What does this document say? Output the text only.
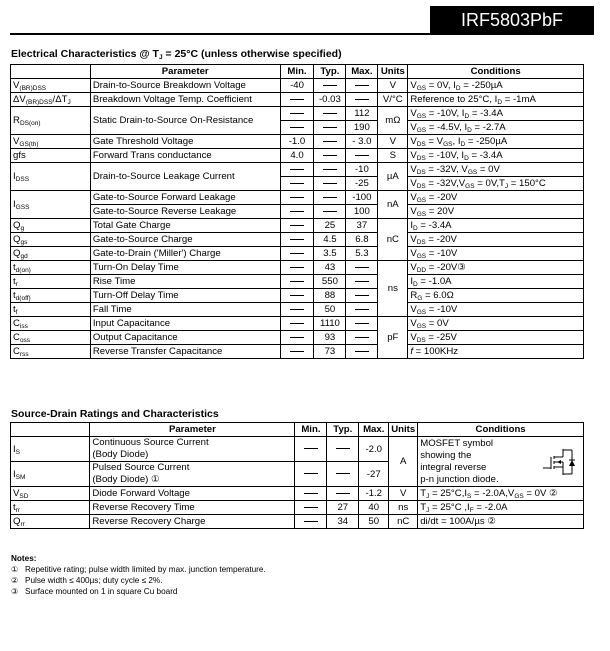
IRF5803PbF
Electrical Characteristics @ $T_J = 25^\circ C$ (unless otherwise specified)
	Parameter	Min.	Typ.	Max.	Units	Conditions
$V_{(BR)DSS}$	Drain-to-Source Breakdown Voltage	-40			V	$V_{GS} = 0V$, $I_D = -250\mu A$
$\Delta V_{(BR)DSS}/\Delta T_J$	Breakdown Voltage Temp. Coefficient		-0.03		V/°C	Reference to 25°C, $I_D = -1mA$
$R_{DS(on)}$	Static Drain-to-Source On-Resistance			112	mΩ	$V_{GS} = -10V$, $I_D = -3.4A$
				190		$V_{GS} = -4.5V$, $I_D = -2.7A$
$V_{GS(th)}$	Gate Threshold Voltage	-1.0		- 3.0	V	$V_{DS} = V_{GS}$, $I_D = -250\mu A$
gfs	Forward Trans conductance	4.0			S	$V_{DS} = -10V$, $I_D = -3.4A$
$I_{DSS}$	Drain-to-Source Leakage Current			-10	µA	$V_{DS} = -32V$, $V_{GS} = 0V$
				-25		$V_{DS} = -32V,V_{GS} = 0V,T_J = 150^\circ C$
$I_{GSS}$	Gate-to-Source Forward Leakage			-100	nA	$V_{GS} = -20V$
	Gate-to-Source Reverse Leakage			100		$V_{GS} = 20V$
$Q_g$	Total Gate Charge		25	37	nC	$I_D = -3.4A$
$Q_{gs}$	Gate-to-Source Charge		4.5	6.8		$V_{DS} = -20V$
$Q_{gd}$	Gate-to-Drain ('Miller') Charge		3.5	5.3		$V_{GS} = -10V$
$t_{d(on)}$	Turn-On Delay Time		43		ns	$V_{DD}$ = -20V③
$t_r$	Rise Time		550			$I_D = -1.0A$
$t_{d(off)}$	Turn-Off Delay Time		88			$R_G = 6.0\Omega$
$t_f$	Fall Time		50			$V_{GS} = -10V$
$C_{iss}$	Input Capacitance		1110		pF	$V_{GS} = 0V$
$C_{oss}$	Output Capacitance		93			$V_{DS} = -25V$
$C_{rss}$	Reverse Transfer Capacitance		73			f = 100KHz
Source-Drain Ratings and Characteristics
	Parameter	Min.	Typ.	Max.	Units	Conditions
$I_S$	Continuous Source Current
(Body Diode)			-2.0	A	MOSFET symbol
showing the
integral reverse
p-n junction diode.

$I_{SM}$	Pulsed Source Current
(Body Diode) ①			-27		
$V_{SD}$	Diode Forward Voltage			-1.2	V	$T_J = 25^\circ C,I_S = -2.0A,V_{GS} = 0V$ ②
$t_{rr}$	Reverse Recovery Time		27	40	ns	$T_J = 25^\circ C$ $,I_F = -2.0A$
$Q_{rr}$	Reverse Recovery Charge		34	50	nC	di/dt = 100A/µs ②
Notes:
① Repetitive rating; pulse width limited by max. junction temperature.
② Pulse width ≤ 400µs; duty cycle ≤ 2%.
③ Surface mounted on 1 in square Cu board
